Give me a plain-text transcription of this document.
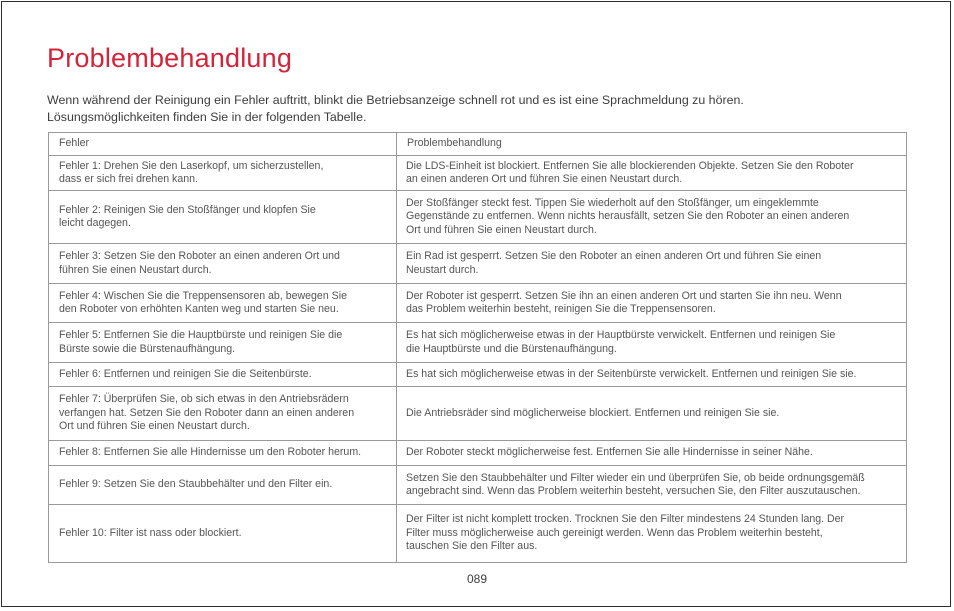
Problembehandlung
Wenn während der Reinigung ein Fehler auftritt, blinkt die Betriebsanzeige schnell rot und es ist eine Sprachmeldung zu hören.
Lösungsmöglichkeiten finden Sie in der folgenden Tabelle.
Fehler	Problembehandlung
Fehler 1: Drehen Sie den Laserkopf, um sicherzustellen,
dass er sich frei drehen kann.	Die LDS-Einheit ist blockiert. Entfernen Sie alle blockierenden Objekte. Setzen Sie den Roboter
an einen anderen Ort und führen Sie einen Neustart durch.
Fehler 2: Reinigen Sie den Stoßfänger und klopfen Sie
leicht dagegen.	Der Stoßfänger steckt fest. Tippen Sie wiederholt auf den Stoßfänger, um eingeklemmte
Gegenstände zu entfernen. Wenn nichts herausfällt, setzen Sie den Roboter an einen anderen
Ort und führen Sie einen Neustart durch.
Fehler 3: Setzen Sie den Roboter an einen anderen Ort und
führen Sie einen Neustart durch.	Ein Rad ist gesperrt. Setzen Sie den Roboter an einen anderen Ort und führen Sie einen
Neustart durch.
Fehler 4: Wischen Sie die Treppensensoren ab, bewegen Sie
den Roboter von erhöhten Kanten weg und starten Sie neu.	Der Roboter ist gesperrt. Setzen Sie ihn an einen anderen Ort und starten Sie ihn neu. Wenn
das Problem weiterhin besteht, reinigen Sie die Treppensensoren.
Fehler 5: Entfernen Sie die Hauptbürste und reinigen Sie die
Bürste sowie die Bürstenaufhängung.	Es hat sich möglicherweise etwas in der Hauptbürste verwickelt. Entfernen und reinigen Sie
die Hauptbürste und die Bürstenaufhängung.
Fehler 6: Entfernen und reinigen Sie die Seitenbürste.	Es hat sich möglicherweise etwas in der Seitenbürste verwickelt. Entfernen und reinigen Sie sie.
Fehler 7: Überprüfen Sie, ob sich etwas in den Antriebsrädern
verfangen hat. Setzen Sie den Roboter dann an einen anderen
Ort und führen Sie einen Neustart durch.	Die Antriebsräder sind möglicherweise blockiert. Entfernen und reinigen Sie sie.
Fehler 8: Entfernen Sie alle Hindernisse um den Roboter herum.	Der Roboter steckt möglicherweise fest. Entfernen Sie alle Hindernisse in seiner Nähe.
Fehler 9: Setzen Sie den Staubbehälter und den Filter ein.	Setzen Sie den Staubbehälter und Filter wieder ein und überprüfen Sie, ob beide ordnungsgemäß
angebracht sind. Wenn das Problem weiterhin besteht, versuchen Sie, den Filter auszutauschen.
Fehler 10: Filter ist nass oder blockiert.	Der Filter ist nicht komplett trocken. Trocknen Sie den Filter mindestens 24 Stunden lang. Der
Filter muss möglicherweise auch gereinigt werden. Wenn das Problem weiterhin besteht,
tauschen Sie den Filter aus.
089
